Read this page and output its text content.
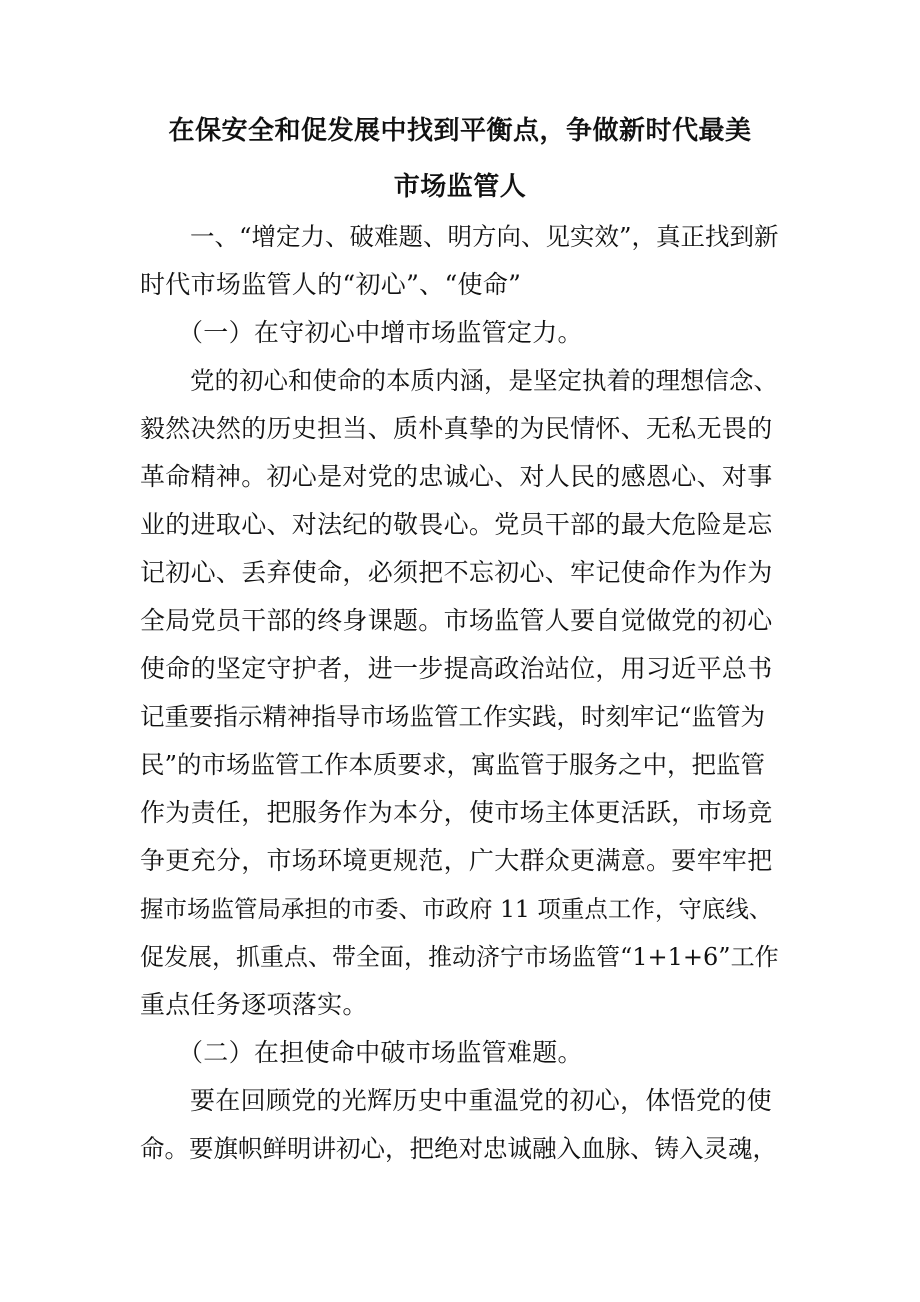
在保安全和促发展中找到平衡点，争做新时代最美
市场监管人
一、“增定力、破难题、明方向、见实效”，真正找到新
时代市场监管人的“初心”、“使命”
（一）在守初心中增市场监管定力。
党的初心和使命的本质内涵，是坚定执着的理想信念、
毅然决然的历史担当、质朴真挚的为民情怀、无私无畏的
革命精神。初心是对党的忠诚心、对人民的感恩心、对事
业的进取心、对法纪的敬畏心。党员干部的最大危险是忘
记初心、丢弃使命，必须把不忘初心、牢记使命作为作为
全局党员干部的终身课题。市场监管人要自觉做党的初心
使命的坚定守护者，进一步提高政治站位，用习近平总书
记重要指示精神指导市场监管工作实践，时刻牢记“监管为
民”的市场监管工作本质要求，寓监管于服务之中，把监管
作为责任，把服务作为本分，使市场主体更活跃，市场竞
争更充分，市场环境更规范，广大群众更满意。要牢牢把
握市场监管局承担的市委、市政府 11 项重点工作，守底线、
促发展，抓重点、带全面，推动济宁市场监管“1+1+6”工作
重点任务逐项落实。
（二）在担使命中破市场监管难题。
要在回顾党的光辉历史中重温党的初心，体悟党的使
命。要旗帜鲜明讲初心，把绝对忠诚融入血脉、铸入灵魂，
